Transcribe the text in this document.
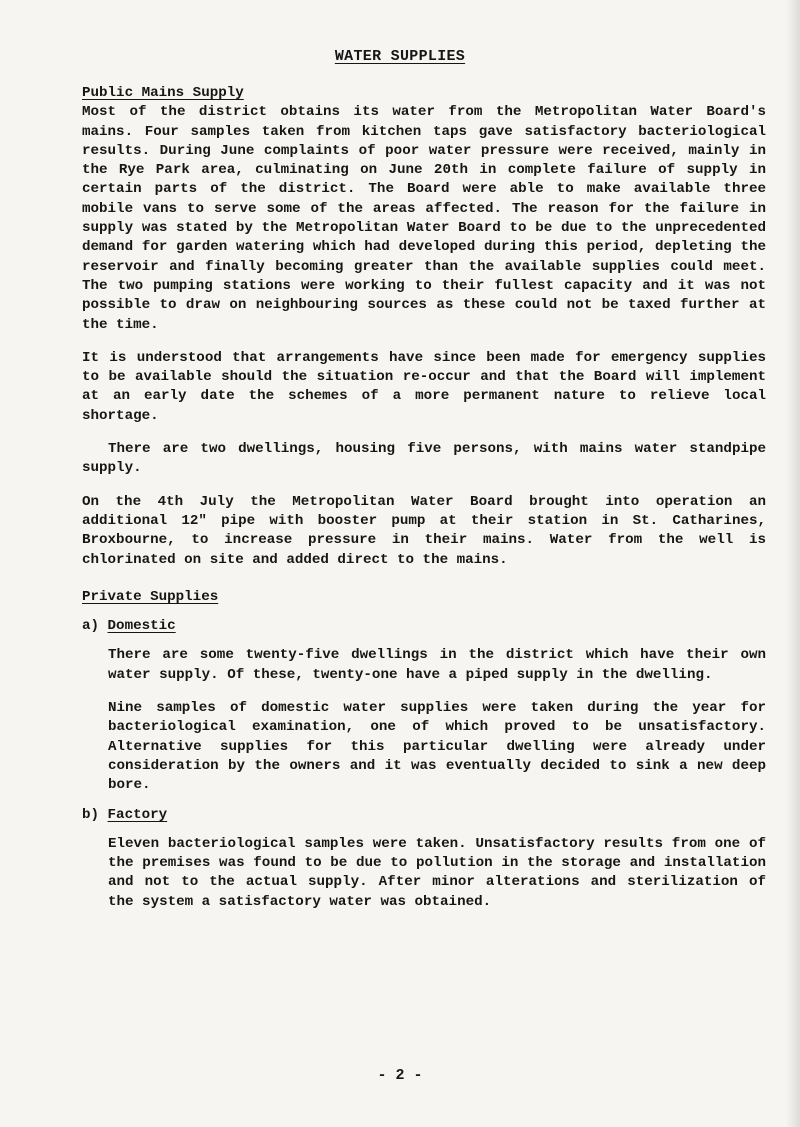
WATER SUPPLIES
Public Mains Supply

Most of the district obtains its water from the Metropolitan Water Board's mains. Four samples taken from kitchen taps gave satisfactory bacteriological results. During June complaints of poor water pressure were received, mainly in the Rye Park area, culminating on June 20th in complete failure of supply in certain parts of the district. The Board were able to make available three mobile vans to serve some of the areas affected. The reason for the failure in supply was stated by the Metropolitan Water Board to be due to the unprecedented demand for garden watering which had developed during this period, depleting the reservoir and finally becoming greater than the available supplies could meet. The two pumping stations were working to their fullest capacity and it was not possible to draw on neighbouring sources as these could not be taxed further at the time.

It is understood that arrangements have since been made for emergency supplies to be available should the situation re-occur and that the Board will implement at an early date the schemes of a more permanent nature to relieve local shortage.

There are two dwellings, housing five persons, with mains water standpipe supply.

On the 4th July the Metropolitan Water Board brought into operation an additional 12" pipe with booster pump at their station in St. Catharines, Broxbourne, to increase pressure in their mains. Water from the well is chlorinated on site and added direct to the mains.

Private Supplies
a) Domestic

There are some twenty-five dwellings in the district which have their own water supply. Of these, twenty-one have a piped supply in the dwelling.

Nine samples of domestic water supplies were taken during the year for bacteriological examination, one of which proved to be unsatisfactory. Alternative supplies for this particular dwelling were already under consideration by the owners and it was eventually decided to sink a new deep bore.

b) Factory

Eleven bacteriological samples were taken. Unsatisfactory results from one of the premises was found to be due to pollution in the storage and installation and not to the actual supply. After minor alterations and sterilization of the system a satisfactory water was obtained.

- 2 -
